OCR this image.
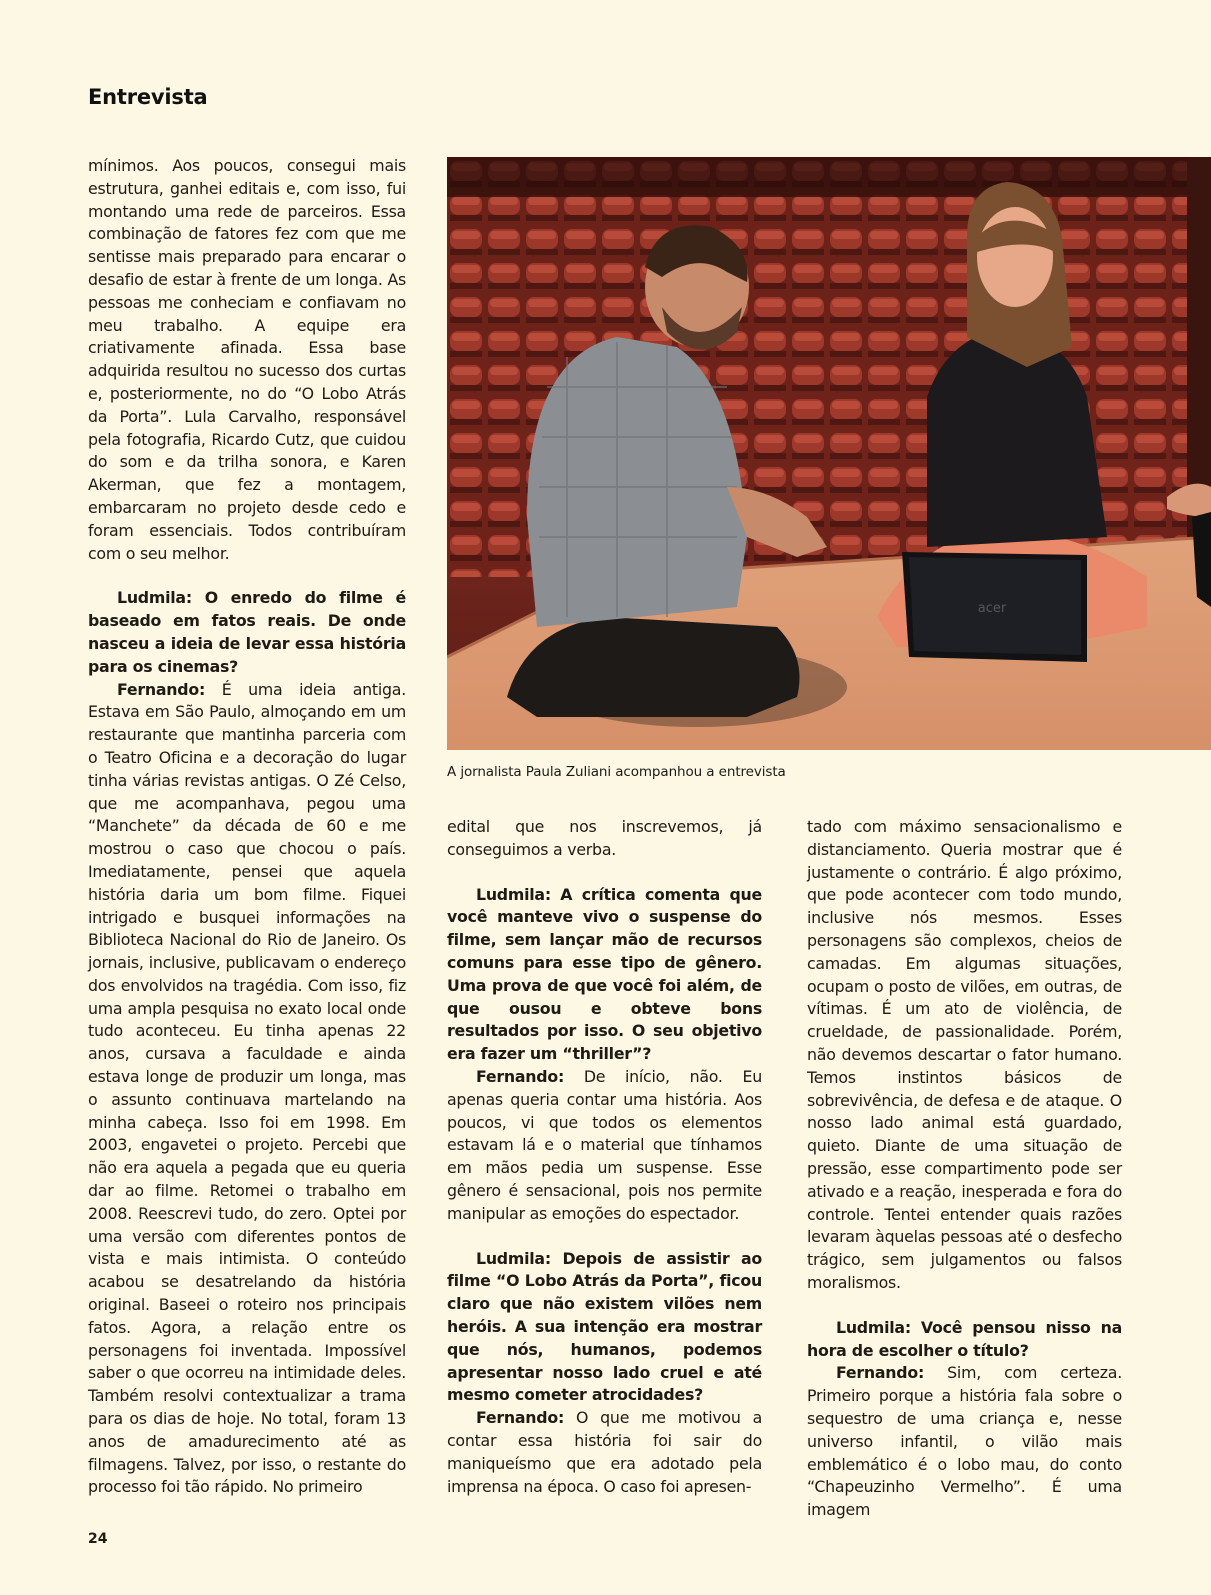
Entrevista

mínimos. Aos poucos, consegui mais estrutura, ganhei editais e, com isso, fui montando uma rede de parceiros. Essa combinação de fatores fez com que me sentisse mais preparado para encarar o desafio de estar à frente de um longa. As pessoas me conheciam e confiavam no meu trabalho. A equipe era criativamente afinada. Essa base adquirida resultou no sucesso dos curtas e, posteriormente, no do “O Lobo Atrás da Porta”. Lula Carvalho, responsável pela fotografia, Ricardo Cutz, que cuidou do som e da trilha sonora, e Karen Akerman, que fez a montagem, embarcaram no projeto desde cedo e foram essenciais. Todos contribuíram com o seu melhor.

Ludmila: O enredo do filme é baseado em fatos reais. De onde nasceu a ideia de levar essa história para os cinemas?

Fernando: É uma ideia antiga. Estava em São Paulo, almoçando em um restaurante que mantinha parceria com o Teatro Oficina e a decoração do lugar tinha várias revistas antigas. O Zé Celso, que me acompanhava, pegou uma “Manchete” da década de 60 e me mostrou o caso que chocou o país. Imediatamente, pensei que aquela história daria um bom filme. Fiquei intrigado e busquei informações na Biblioteca Nacional do Rio de Janeiro. Os jornais, inclusive, publicavam o endereço dos envolvidos na tragédia. Com isso, fiz uma ampla pesquisa no exato local onde tudo aconteceu. Eu tinha apenas 22 anos, cursava a faculdade e ainda estava longe de produzir um longa, mas o assunto continuava martelando na minha cabeça. Isso foi em 1998. Em 2003, engavetei o projeto. Percebi que não era aquela a pegada que eu queria dar ao filme. Retomei o trabalho em 2008. Reescrevi tudo, do zero. Optei por uma versão com diferentes pontos de vista e mais intimista. O conteúdo acabou se desatrelando da história original. Baseei o roteiro nos principais fatos. Agora, a relação entre os personagens foi inventada. Impossível saber o que ocorreu na intimidade deles. Também resolvi contextualizar a trama para os dias de hoje. No total, foram 13 anos de amadurecimento até as filmagens. Talvez, por isso, o restante do processo foi tão rápido. No primeiro

acer
A jornalista Paula Zuliani acompanhou a entrevista

edital que nos inscrevemos, já conseguimos a verba.

Ludmila: A crítica comenta que você manteve vivo o suspense do filme, sem lançar mão de recursos comuns para esse tipo de gênero. Uma prova de que você foi além, de que ousou e obteve bons resultados por isso. O seu objetivo era fazer um “thriller”?

Fernando: De início, não. Eu apenas queria contar uma história. Aos poucos, vi que todos os elementos estavam lá e o material que tínhamos em mãos pedia um suspense. Esse gênero é sensacional, pois nos permite manipular as emoções do espectador.

Ludmila: Depois de assistir ao filme “O Lobo Atrás da Porta”, ficou claro que não existem vilões nem heróis. A sua intenção era mostrar que nós, humanos, podemos apresentar nosso lado cruel e até mesmo cometer atrocidades?

Fernando: O que me motivou a contar essa história foi sair do maniqueísmo que era adotado pela imprensa na época. O caso foi apresen-

tado com máximo sensacionalismo e distanciamento. Queria mostrar que é justamente o contrário. É algo próximo, que pode acontecer com todo mundo, inclusive nós mesmos. Esses personagens são complexos, cheios de camadas. Em algumas situações, ocupam o posto de vilões, em outras, de vítimas. É um ato de violência, de crueldade, de passionalidade. Porém, não devemos descartar o fator humano. Temos instintos básicos de sobrevivência, de defesa e de ataque. O nosso lado animal está guardado, quieto. Diante de uma situação de pressão, esse compartimento pode ser ativado e a reação, inesperada e fora do controle. Tentei entender quais razões levaram àquelas pessoas até o desfecho trágico, sem julgamentos ou falsos moralismos.

Ludmila: Você pensou nisso na hora de escolher o título?

Fernando: Sim, com certeza. Primeiro porque a história fala sobre o sequestro de uma criança e, nesse universo infantil, o vilão mais emblemático é o lobo mau, do conto “Chapeuzinho Vermelho”. É uma imagem

24
